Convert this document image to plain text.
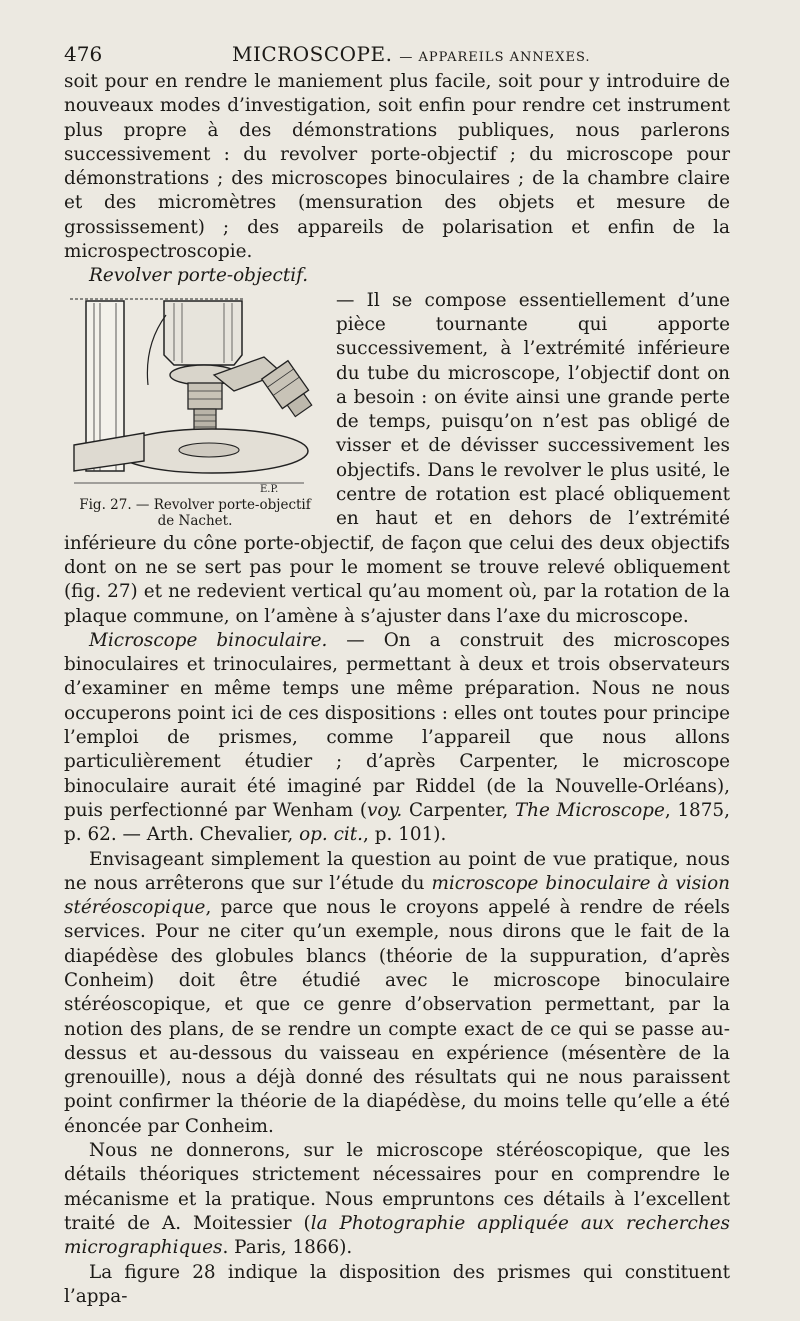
476	MICROSCOPE. — APPAREILS ANNEXES.

soit pour en rendre le maniement plus facile, soit pour y introduire de nouveaux modes d’investigation, soit enfin pour rendre cet instrument plus propre à des démonstrations publiques, nous parlerons successivement : du revolver porte-objectif ; du microscope pour démonstrations ; des microscopes binoculaires ; de la chambre claire et des micromètres (mensuration des objets et mesure de grossissement) ; des appareils de polarisation et enfin de la microspectroscopie.

Revolver porte-objectif.

E.P.
Fig. 27. — Revolver porte-objectif
de Nachet.

— Il se compose essentiellement d’une pièce tournante qui apporte successivement, à l’extrémité inférieure du tube du microscope, l’objectif dont on a besoin : on évite ainsi une grande perte de temps, puisqu’on n’est pas obligé de visser et de dévisser successivement les objectifs. Dans le revolver le plus usité, le centre de rotation est placé obliquement en haut et en dehors de l’extrémité inférieure du cône porte-objectif, de façon que celui des deux objectifs dont on ne se sert pas pour le moment se trouve relevé obliquement (fig. 27) et ne redevient vertical qu’au moment où, par la rotation de la plaque commune, on l’amène à s’ajuster dans l’axe du microscope.

Microscope binoculaire. — On a construit des microscopes binoculaires et trinoculaires, permettant à deux et trois observateurs d’examiner en même temps une même préparation. Nous ne nous occuperons point ici de ces dispositions : elles ont toutes pour principe l’emploi de prismes, comme l’appareil que nous allons particulièrement étudier ; d’après Carpenter, le microscope binoculaire aurait été imaginé par Riddel (de la Nouvelle-Orléans), puis perfectionné par Wenham (voy. Carpenter, The Microscope, 1875, p. 62. — Arth. Chevalier, op. cit., p. 101).

Envisageant simplement la question au point de vue pratique, nous ne nous arrêterons que sur l’étude du microscope binoculaire à vision stéréoscopique, parce que nous le croyons appelé à rendre de réels services. Pour ne citer qu’un exemple, nous dirons que le fait de la diapédèse des globules blancs (théorie de la suppuration, d’après Conheim) doit être étudié avec le microscope binoculaire stéréoscopique, et que ce genre d’observation permettant, par la notion des plans, de se rendre un compte exact de ce qui se passe au-dessus et au-dessous du vaisseau en expérience (mésentère de la grenouille), nous a déjà donné des résultats qui ne nous paraissent point confirmer la théorie de la diapédèse, du moins telle qu’elle a été énoncée par Conheim.

Nous ne donnerons, sur le microscope stéréoscopique, que les détails théoriques strictement nécessaires pour en comprendre le mécanisme et la pratique. Nous empruntons ces détails à l’excellent traité de A. Moitessier (la Photographie appliquée aux recherches micrographiques. Paris, 1866).

La figure 28 indique la disposition des prismes qui constituent l’appa-
